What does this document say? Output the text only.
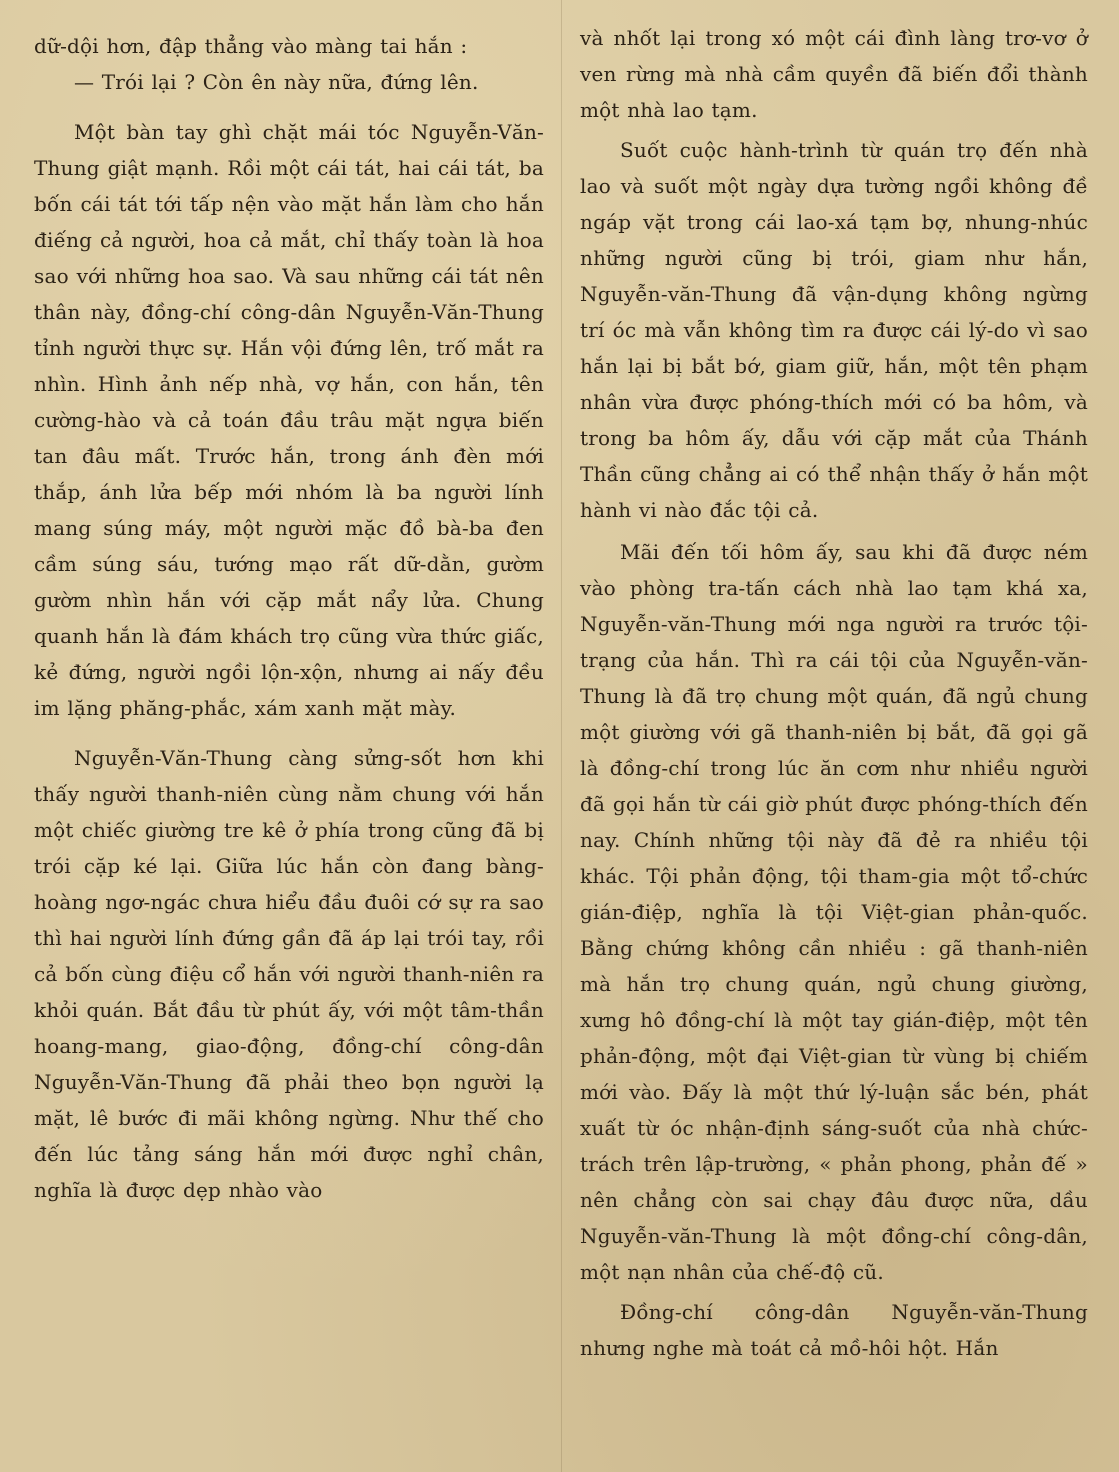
dữ-dội hơn, đập thẳng vào màng tai hắn :

— Trói lại ? Còn ên này nữa, đứng lên.

Một bàn tay ghì chặt mái tóc Nguyễn-Văn-Thung giật mạnh. Rồi một cái tát, hai cái tát, ba bốn cái tát tới tấp nện vào mặt hắn làm cho hắn điếng cả người, hoa cả mắt, chỉ thấy toàn là hoa sao với những hoa sao. Và sau những cái tát nên thân này, đồng-chí công-dân Nguyễn-Văn-Thung tỉnh người thực sự. Hắn vội đứng lên, trố mắt ra nhìn. Hình ảnh nếp nhà, vợ hắn, con hắn, tên cường-hào và cả toán đầu trâu mặt ngựa biến tan đâu mất. Trước hắn, trong ánh đèn mới thắp, ánh lửa bếp mới nhóm là ba người lính mang súng máy, một người mặc đồ bà-ba đen cầm súng sáu, tướng mạo rất dữ-dằn, gườm gườm nhìn hắn với cặp mắt nẩy lửa. Chung quanh hắn là đám khách trọ cũng vừa thức giấc, kẻ đứng, người ngồi lộn-xộn, nhưng ai nấy đều im lặng phăng-phắc, xám xanh mặt mày.

Nguyễn-Văn-Thung càng sửng-sốt hơn khi thấy người thanh-niên cùng nằm chung với hắn một chiếc giường tre kê ở phía trong cũng đã bị trói cặp ké lại. Giữa lúc hắn còn đang bàng-hoàng ngơ-ngác chưa hiểu đầu đuôi cớ sự ra sao thì hai người lính đứng gần đã áp lại trói tay, rồi cả bốn cùng điệu cổ hắn với người thanh-niên ra khỏi quán. Bắt đầu từ phút ấy, với một tâm-thần hoang-mang, giao-động, đồng-chí công-dân Nguyễn-Văn-Thung đã phải theo bọn người lạ mặt, lê bước đi mãi không ngừng. Như thế cho đến lúc tảng sáng hắn mới được nghỉ chân, nghĩa là được dẹp nhào vào

và nhốt lại trong xó một cái đình làng trơ-vơ ở ven rừng mà nhà cầm quyền đã biến đổi thành một nhà lao tạm.

Suốt cuộc hành-trình từ quán trọ đến nhà lao và suốt một ngày dựa tường ngồi không đề ngáp vặt trong cái lao-xá tạm bợ, nhung-nhúc những người cũng bị trói, giam như hắn, Nguyễn-văn-Thung đã vận-dụng không ngừng trí óc mà vẫn không tìm ra được cái lý-do vì sao hắn lại bị bắt bớ, giam giữ, hắn, một tên phạm nhân vừa được phóng-thích mới có ba hôm, và trong ba hôm ấy, dẫu với cặp mắt của Thánh Thần cũng chẳng ai có thể nhận thấy ở hắn một hành vi nào đắc tội cả.

Mãi đến tối hôm ấy, sau khi đã được ném vào phòng tra-tấn cách nhà lao tạm khá xa, Nguyễn-văn-Thung mới nga người ra trước tội-trạng của hắn. Thì ra cái tội của Nguyễn-văn-Thung là đã trọ chung một quán, đã ngủ chung một giường với gã thanh-niên bị bắt, đã gọi gã là đồng-chí trong lúc ăn cơm như nhiều người đã gọi hắn từ cái giờ phút được phóng-thích đến nay. Chính những tội này đã đẻ ra nhiều tội khác. Tội phản động, tội tham-gia một tổ-chức gián-điệp, nghĩa là tội Việt-gian phản-quốc. Bằng chứng không cần nhiều : gã thanh-niên mà hắn trọ chung quán, ngủ chung giường, xưng hô đồng-chí là một tay gián-điệp, một tên phản-động, một đại Việt-gian từ vùng bị chiếm mới vào. Đấy là một thứ lý-luận sắc bén, phát xuất từ óc nhận-định sáng-suốt của nhà chức-trách trên lập-trường, « phản phong, phản đế » nên chẳng còn sai chạy đâu được nữa, dầu Nguyễn-văn-Thung là một đồng-chí công-dân, một nạn nhân của chế-độ cũ.

Đồng-chí công-dân Nguyễn-văn-Thung nhưng nghe mà toát cả mồ-hôi hột. Hắn
